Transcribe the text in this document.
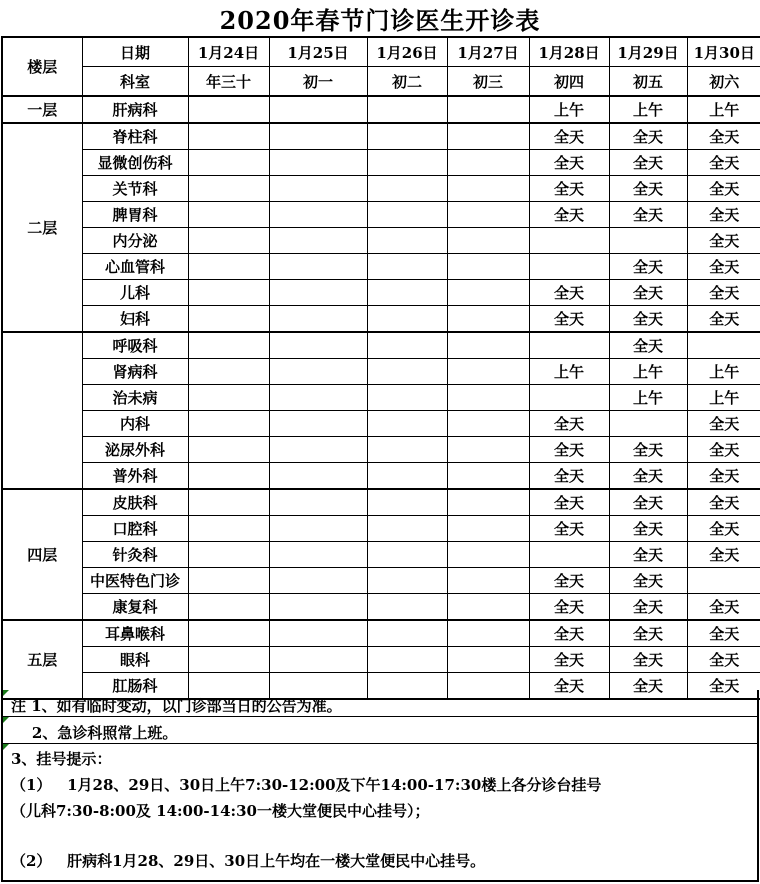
2020年春节门诊医生开诊表
楼层	日期	1月24日	1月25日	1月26日	1月27日	1月28日	1月29日	1月30日
	科室	年三十	初一	初二	初三	初四	初五	初六
一层	肝病科					上午	上午	上午
二层	脊柱科					全天	全天	全天
	显微创伤科					全天	全天	全天
	关节科					全天	全天	全天
	脾胃科					全天	全天	全天
	内分泌							全天
	心血管科						全天	全天
	儿科					全天	全天	全天
	妇科					全天	全天	全天
	呼吸科						全天	
	肾病科					上午	上午	上午
	治未病						上午	上午
	内科					全天		全天
	泌尿外科					全天	全天	全天
	普外科					全天	全天	全天
四层	皮肤科					全天	全天	全天
	口腔科					全天	全天	全天
	针灸科						全天	全天
	中医特色门诊					全天	全天	
	康复科					全天	全天	全天
五层	耳鼻喉科					全天	全天	全天
	眼科					全天	全天	全天
	肛肠科					全天	全天	全天
注 1、如有临时变动，以门诊部当日的公告为准。
2、急诊科照常上班。
3、挂号提示：
（1）   1月28、29日、30日上午7:30-12:00及下午14:00-17:30楼上各分诊台挂号
（儿科7:30-8:00及 14:00-14:30一楼大堂便民中心挂号）；
（2）   肝病科1月28、29日、30日上午均在一楼大堂便民中心挂号。
